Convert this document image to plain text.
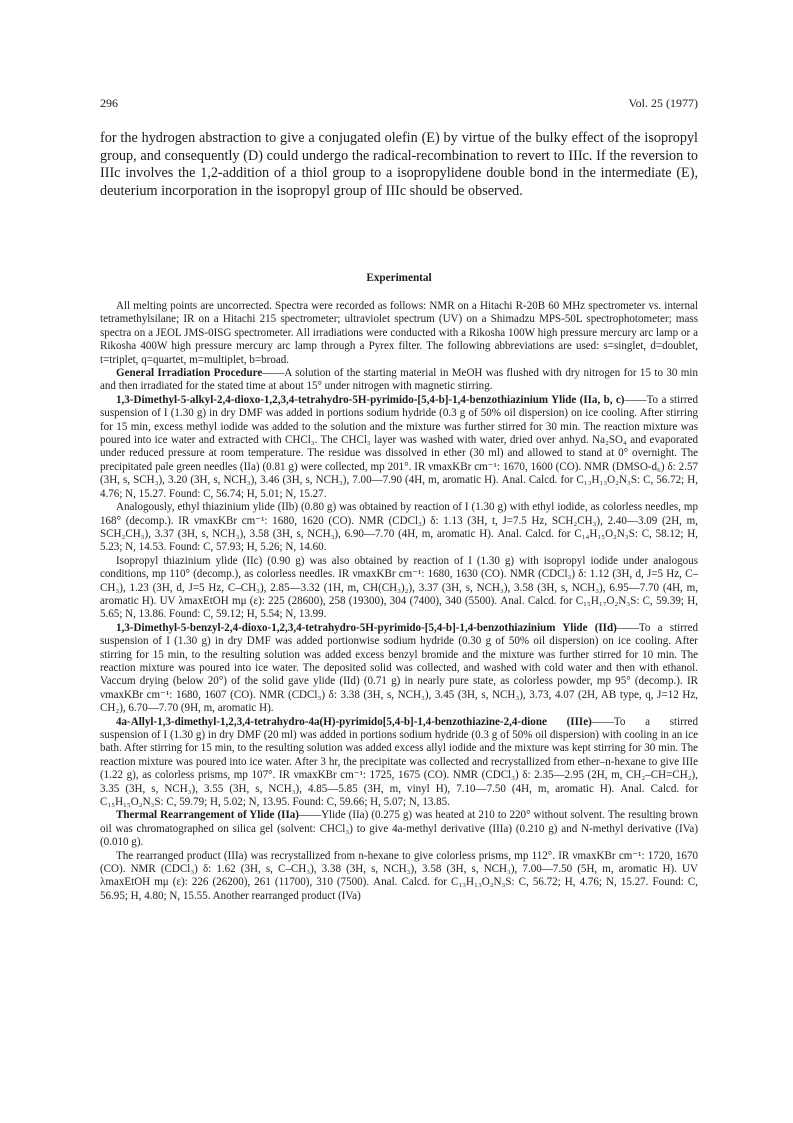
296	Vol. 25 (1977)

for the hydrogen abstraction to give a conjugated olefin (E) by virtue of the bulky effect of the isopropyl group, and consequently (D) could undergo the radical-recombination to revert to IIIc. If the reversion to IIIc involves the 1,2-addition of a thiol group to a isopropylidene double bond in the intermediate (E), deuterium incorporation in the isopropyl group of IIIc should be observed.

Experimental

All melting points are uncorrected. Spectra were recorded as follows: NMR on a Hitachi R-20B 60 MHz spectrometer vs. internal tetramethylsilane; IR on a Hitachi 215 spectrometer; ultraviolet spectrum (UV) on a Shimadzu MPS-50L spectrophotometer; mass spectra on a JEOL JMS-0ISG spectrometer. All irradiations were conducted with a Rikosha 100W high pressure mercury arc lamp or a Rikosha 400W high pressure mercury arc lamp through a Pyrex filter. The following abbreviations are used: s=singlet, d=doublet, t=triplet, q=quartet, m=multiplet, b=broad.

General Irradiation Procedure——A solution of the starting material in MeOH was flushed with dry nitrogen for 15 to 30 min and then irradiated for the stated time at about 15° under nitrogen with magnetic stirring.

1,3-Dimethyl-5-alkyl-2,4-dioxo-1,2,3,4-tetrahydro-5H-pyrimido-[5,4-b]-1,4-benzothiazinium Ylide (IIa, b, c)——To a stirred suspension of I (1.30 g) in dry DMF was added in portions sodium hydride (0.3 g of 50% oil dispersion) on ice cooling. After stirring for 15 min, excess methyl iodide was added to the solution and the mixture was further stirred for 30 min. The reaction mixture was poured into ice water and extracted with CHCl₃. The CHCl₃ layer was washed with water, dried over anhyd. Na₂SO₄ and evaporated under reduced pressure at room temperature. The residue was dissolved in ether (30 ml) and allowed to stand at 0° overnight. The precipitated pale green needles (IIa) (0.81 g) were collected, mp 201°. IR νmaxKBr cm⁻¹: 1670, 1600 (CO). NMR (DMSO-d₆) δ: 2.57 (3H, s, SCH₃), 3.20 (3H, s, NCH₃), 3.46 (3H, s, NCH₃), 7.00—7.90 (4H, m, aromatic H). Anal. Calcd. for C₁₃H₁₃O₂N₃S: C, 56.72; H, 4.76; N, 15.27. Found: C, 56.74; H, 5.01; N, 15.27.

Analogously, ethyl thiazinium ylide (IIb) (0.80 g) was obtained by reaction of I (1.30 g) with ethyl iodide, as colorless needles, mp 168° (decomp.). IR νmaxKBr cm⁻¹: 1680, 1620 (CO). NMR (CDCl₃) δ: 1.13 (3H, t, J=7.5 Hz, SCH₂CH₃), 2.40—3.09 (2H, m, SCH₂CH₃), 3.37 (3H, s, NCH₃), 3.58 (3H, s, NCH₃), 6.90—7.70 (4H, m, aromatic H). Anal. Calcd. for C₁₄H₁₅O₂N₃S: C, 58.12; H, 5.23; N, 14.53. Found: C, 57.93; H, 5.26; N, 14.60.

Isopropyl thiazinium ylide (IIc) (0.90 g) was also obtained by reaction of I (1.30 g) with isopropyl iodide under analogous conditions, mp 110° (decomp.), as colorless needles. IR νmaxKBr cm⁻¹: 1680, 1630 (CO). NMR (CDCl₃) δ: 1.12 (3H, d, J=5 Hz, C–CH₃), 1.23 (3H, d, J=5 Hz, C–CH₃), 2.85—3.32 (1H, m, CH(CH₃)₂), 3.37 (3H, s, NCH₃), 3.58 (3H, s, NCH₃), 6.95—7.70 (4H, m, aromatic H). UV λmaxEtOH mμ (ε): 225 (28600), 258 (19300), 304 (7400), 340 (5500). Anal. Calcd. for C₁₅H₁₇O₂N₃S: C, 59.39; H, 5.65; N, 13.86. Found: C, 59.12; H, 5.54; N, 13.99.

1,3-Dimethyl-5-benzyl-2,4-dioxo-1,2,3,4-tetrahydro-5H-pyrimido-[5,4-b]-1,4-benzothiazinium Ylide (IId)——To a stirred suspension of I (1.30 g) in dry DMF was added portionwise sodium hydride (0.30 g of 50% oil dispersion) on ice cooling. After stirring for 15 min, to the resulting solution was added excess benzyl bromide and the mixture was further stirred for 10 min. The reaction mixture was poured into ice water. The deposited solid was collected, and washed with cold water and then with ethanol. Vaccum drying (below 20°) of the solid gave ylide (IId) (0.71 g) in nearly pure state, as colorless powder, mp 95° (decomp.). IR νmaxKBr cm⁻¹: 1680, 1607 (CO). NMR (CDCl₃) δ: 3.38 (3H, s, NCH₃), 3.45 (3H, s, NCH₃), 3.73, 4.07 (2H, AB type, q, J=12 Hz, CH₂), 6.70—7.70 (9H, m, aromatic H).

4a-Allyl-1,3-dimethyl-1,2,3,4-tetrahydro-4a(H)-pyrimido[5,4-b]-1,4-benzothiazine-2,4-dione (IIIe)——To a stirred suspension of I (1.30 g) in dry DMF (20 ml) was added in portions sodium hydride (0.3 g of 50% oil dispersion) with cooling in an ice bath. After stirring for 15 min, to the resulting solution was added excess allyl iodide and the mixture was kept stirring for 30 min. The reaction mixture was poured into ice water. After 3 hr, the precipitate was collected and recrystallized from ether–n-hexane to give IIIe (1.22 g), as colorless prisms, mp 107°. IR νmaxKBr cm⁻¹: 1725, 1675 (CO). NMR (CDCl₃) δ: 2.35—2.95 (2H, m, CH₂–CH=CH₂), 3.35 (3H, s, NCH₃), 3.55 (3H, s, NCH₃), 4.85—5.85 (3H, m, vinyl H), 7.10—7.50 (4H, m, aromatic H). Anal. Calcd. for C₁₅H₁₅O₂N₃S: C, 59.79; H, 5.02; N, 13.95. Found: C, 59.66; H, 5.07; N, 13.85.

Thermal Rearrangement of Ylide (IIa)——Ylide (IIa) (0.275 g) was heated at 210 to 220° without solvent. The resulting brown oil was chromatographed on silica gel (solvent: CHCl₃) to give 4a-methyl derivative (IIIa) (0.210 g) and N-methyl derivative (IVa) (0.010 g).

The rearranged product (IIIa) was recrystallized from n-hexane to give colorless prisms, mp 112°. IR νmaxKBr cm⁻¹: 1720, 1670 (CO). NMR (CDCl₃) δ: 1.62 (3H, s, C–CH₃), 3.38 (3H, s, NCH₃), 3.58 (3H, s, NCH₃), 7.00—7.50 (5H, m, aromatic H). UV λmaxEtOH mμ (ε): 226 (26200), 261 (11700), 310 (7500). Anal. Calcd. for C₁₃H₁₃O₂N₃S: C, 56.72; H, 4.76; N, 15.27. Found: C, 56.95; H, 4.80; N, 15.55. Another rearranged product (IVa)
